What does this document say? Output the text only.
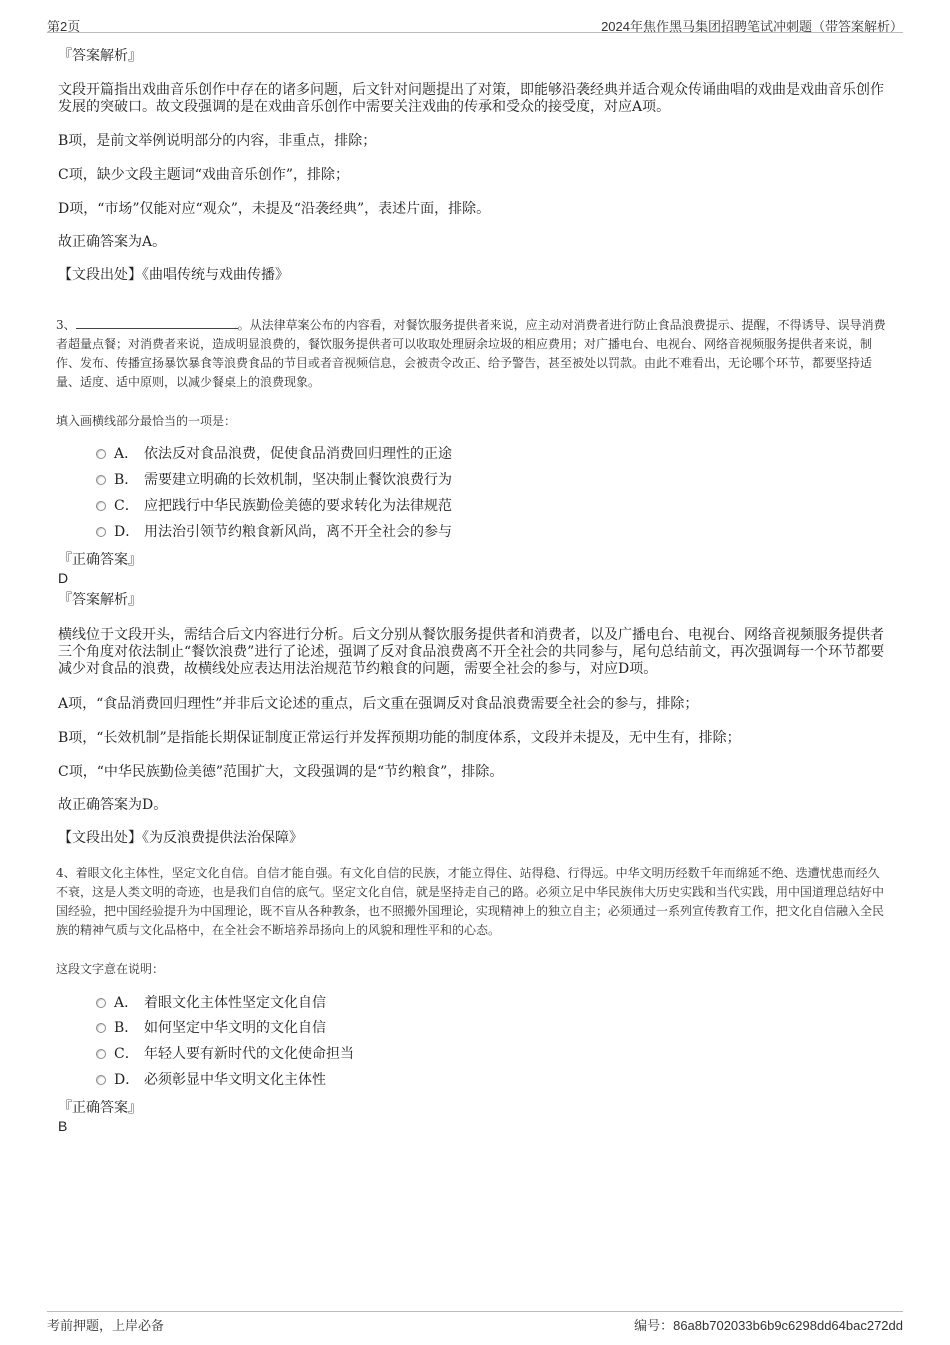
第2页	2024年焦作黑马集团招聘笔试冲刺题（带答案解析）
『答案解析』
文段开篇指出戏曲音乐创作中存在的诸多问题，后文针对问题提出了对策，即能够沿袭经典并适合观众传诵曲唱的戏曲是戏曲音乐创作发展的突破口。故文段强调的是在戏曲音乐创作中需要关注戏曲的传承和受众的接受度，对应A项。
B项，是前文举例说明部分的内容，非重点，排除；
C项，缺少文段主题词“戏曲音乐创作”，排除；
D项，“市场”仅能对应“观众”，未提及“沿袭经典”，表述片面，排除。
故正确答案为A。
【文段出处】《曲唱传统与戏曲传播》
3、	。从法律草案公布的内容看，对餐饮服务提供者来说，应主动对消费者进行防止食品浪费提示、提醒，不得诱导、误导消费者超量点餐；对消费者来说，造成明显浪费的，餐饮服务提供者可以收取处理厨余垃圾的相应费用；对广播电台、电视台、网络音视频服务提供者来说，制作、发布、传播宣扬暴饮暴食等浪费食品的节目或者音视频信息，会被责令改正、给予警告，甚至被处以罚款。由此不难看出，无论哪个环节，都要坚持适量、适度、适中原则，以减少餐桌上的浪费现象。
填入画横线部分最恰当的一项是：
A． 依法反对食品浪费，促使食品消费回归理性的正途
B． 需要建立明确的长效机制，坚决制止餐饮浪费行为
C． 应把践行中华民族勤俭美德的要求转化为法律规范
D． 用法治引领节约粮食新风尚，离不开全社会的参与
『正确答案』
D
『答案解析』
横线位于文段开头，需结合后文内容进行分析。后文分别从餐饮服务提供者和消费者，以及广播电台、电视台、网络音视频服务提供者三个角度对依法制止“餐饮浪费”进行了论述，强调了反对食品浪费离不开全社会的共同参与，尾句总结前文，再次强调每一个环节都要减少对食品的浪费，故横线处应表达用法治规范节约粮食的问题，需要全社会的参与，对应D项。
A项，“食品消费回归理性”并非后文论述的重点，后文重在强调反对食品浪费需要全社会的参与，排除；
B项，“长效机制”是指能长期保证制度正常运行并发挥预期功能的制度体系，文段并未提及，无中生有，排除；
C项，“中华民族勤俭美德”范围扩大，文段强调的是“节约粮食”，排除。
故正确答案为D。
【文段出处】《为反浪费提供法治保障》
4、着眼文化主体性，坚定文化自信。自信才能自强。有文化自信的民族，才能立得住、站得稳、行得远。中华文明历经数千年而绵延不绝、迭遭忧患而经久不衰，这是人类文明的奇迹，也是我们自信的底气。坚定文化自信，就是坚持走自己的路。必须立足中华民族伟大历史实践和当代实践，用中国道理总结好中国经验，把中国经验提升为中国理论，既不盲从各种教条，也不照搬外国理论，实现精神上的独立自主；必须通过一系列宣传教育工作，把文化自信融入全民族的精神气质与文化品格中，在全社会不断培养昂扬向上的风貌和理性平和的心态。
这段文字意在说明：
A． 着眼文化主体性坚定文化自信
B． 如何坚定中华文明的文化自信
C． 年轻人要有新时代的文化使命担当
D． 必须彰显中华文明文化主体性
『正确答案』
B
考前押题，上岸必备	编号：86a8b702033b6b9c6298dd64bac272dd
